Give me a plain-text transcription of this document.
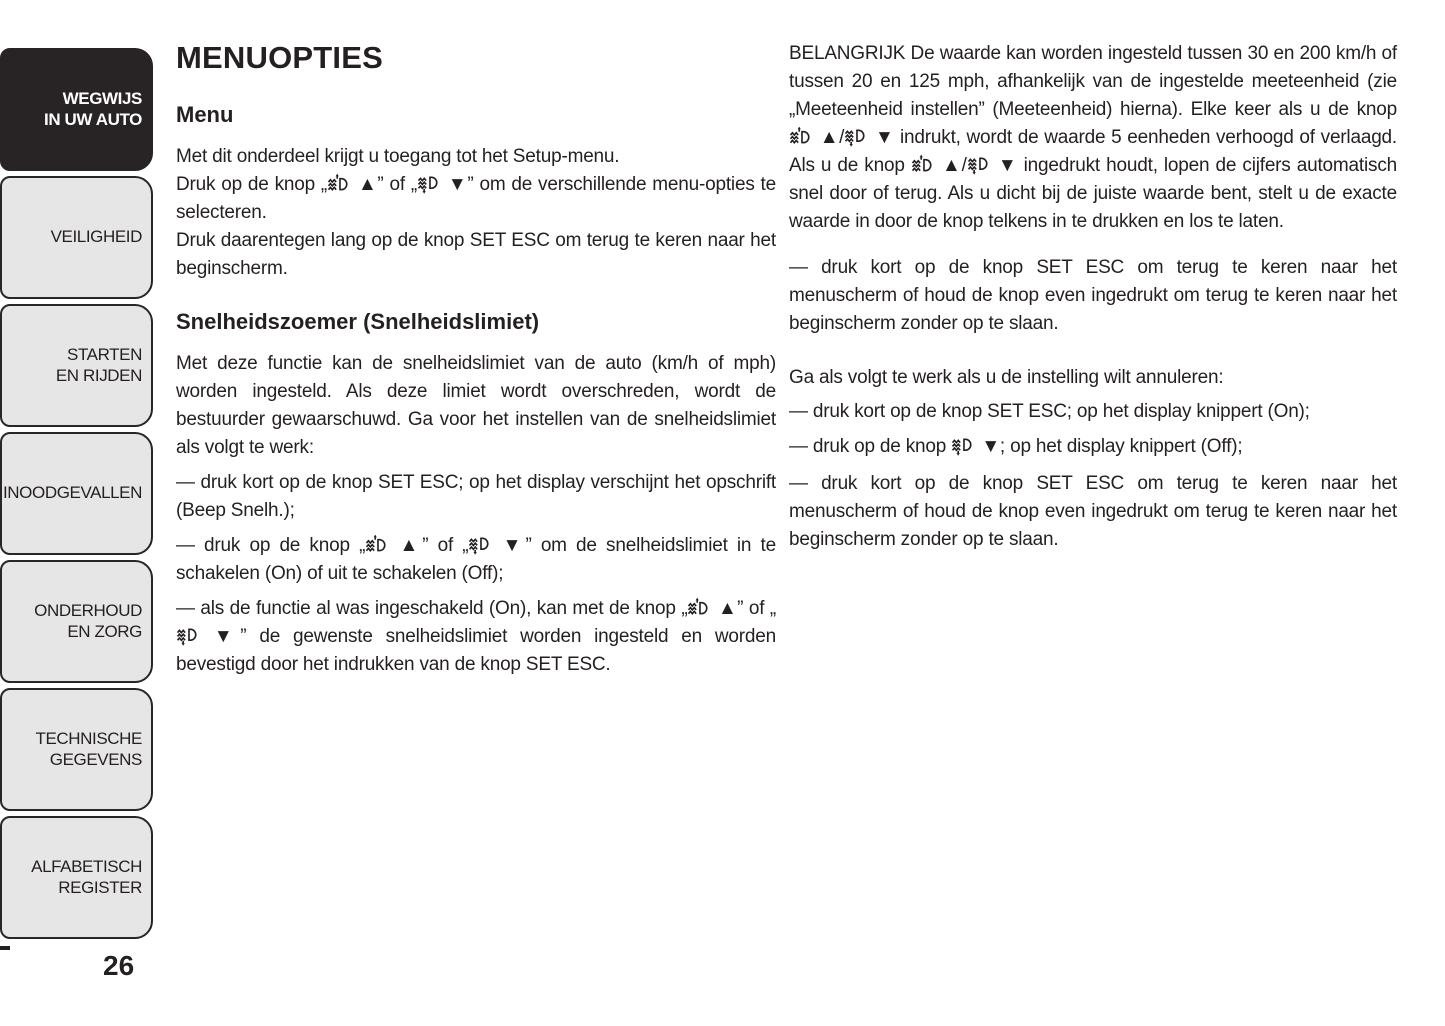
WEGWIJS
IN UW AUTO
VEILIGHEID
STARTEN
EN RIJDEN
INOODGEVALLEN
ONDERHOUD
EN ZORG
TECHNISCHE
GEGEVENS
ALFABETISCH
REGISTER
26
MENUOPTIES
Menu

Met dit onderdeel krijgt u toegang tot het Setup-menu.

Druk op de knop „ ▲” of „ ▼” om de verschillende menu-opties te selecteren.

Druk daarentegen lang op de knop SET ESC om terug te keren naar het beginscherm.

Snelheidszoemer (Snelheidslimiet)

Met deze functie kan de snelheidslimiet van de auto (km/h of mph) worden ingesteld. Als deze limiet wordt overschreden, wordt de bestuurder gewaarschuwd. Ga voor het instellen van de snelheidslimiet als volgt te werk:

— druk kort op de knop SET ESC; op het display verschijnt het opschrift (Beep Snelh.);

— druk op de knop „ ▲” of „ ▼” om de snelheidslimiet in te schakelen (On) of uit te schakelen (Off);

— als de functie al was ingeschakeld (On), kan met de knop „ ▲” of „ ▼” de gewenste snelheidslimiet worden ingesteld en worden bevestigd door het indrukken van de knop SET ESC.

BELANGRIJK De waarde kan worden ingesteld tussen 30 en 200 km/h of tussen 20 en 125 mph, afhankelijk van de ingestelde meeteenheid (zie „Meeteenheid instellen” (Meeteenheid) hierna). Elke keer als u de knop  ▲/ ▼ indrukt, wordt de waarde 5 eenheden verhoogd of verlaagd. Als u de knop  ▲/ ▼ ingedrukt houdt, lopen de cijfers automatisch snel door of terug. Als u dicht bij de juiste waarde bent, stelt u de exacte waarde in door de knop telkens in te drukken en los te laten.

— druk kort op de knop SET ESC om terug te keren naar het menuscherm of houd de knop even ingedrukt om terug te keren naar het beginscherm zonder op te slaan.

Ga als volgt te werk als u de instelling wilt annuleren:

— druk kort op de knop SET ESC; op het display knippert (On);

— druk op de knop  ▼; op het display knippert (Off);

— druk kort op de knop SET ESC om terug te keren naar het menuscherm of houd de knop even ingedrukt om terug te keren naar het beginscherm zonder op te slaan.
